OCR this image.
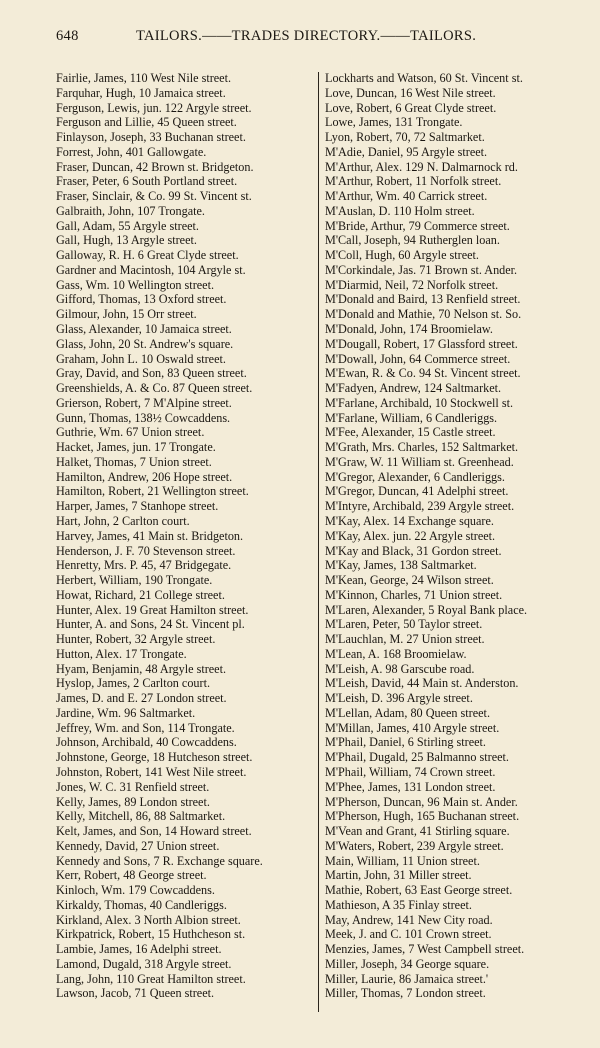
648	TAILORS.——TRADES DIRECTORY.——TAILORS.
Fairlie, James, 110 West Nile street.
Farquhar, Hugh, 10 Jamaica street.
Ferguson, Lewis, jun. 122 Argyle street.
Ferguson and Lillie, 45 Queen street.
Finlayson, Joseph, 33 Buchanan street.
Forrest, John, 401 Gallowgate.
Fraser, Duncan, 42 Brown st. Bridgeton.
Fraser, Peter, 6 South Portland street.
Fraser, Sinclair, & Co. 99 St. Vincent st.
Galbraith, John, 107 Trongate.
Gall, Adam, 55 Argyle street.
Gall, Hugh, 13 Argyle street.
Galloway, R. H. 6 Great Clyde street.
Gardner and Macintosh, 104 Argyle st.
Gass, Wm. 10 Wellington street.
Gifford, Thomas, 13 Oxford street.
Gilmour, John, 15 Orr street.
Glass, Alexander, 10 Jamaica street.
Glass, John, 20 St. Andrew's square.
Graham, John L. 10 Oswald street.
Gray, David, and Son, 83 Queen street.
Greenshields, A. & Co. 87 Queen street.
Grierson, Robert, 7 M'Alpine street.
Gunn, Thomas, 138½ Cowcaddens.
Guthrie, Wm. 67 Union street.
Hacket, James, jun. 17 Trongate.
Halket, Thomas, 7 Union street.
Hamilton, Andrew, 206 Hope street.
Hamilton, Robert, 21 Wellington street.
Harper, James, 7 Stanhope street.
Hart, John, 2 Carlton court.
Harvey, James, 41 Main st. Bridgeton.
Henderson, J. F. 70 Stevenson street.
Henretty, Mrs. P. 45, 47 Bridgegate.
Herbert, William, 190 Trongate.
Howat, Richard, 21 College street.
Hunter, Alex. 19 Great Hamilton street.
Hunter, A. and Sons, 24 St. Vincent pl.
Hunter, Robert, 32 Argyle street.
Hutton, Alex. 17 Trongate.
Hyam, Benjamin, 48 Argyle street.
Hyslop, James, 2 Carlton court.
James, D. and E. 27 London street.
Jardine, Wm. 96 Saltmarket.
Jeffrey, Wm. and Son, 114 Trongate.
Johnson, Archibald, 40 Cowcaddens.
Johnstone, George, 18 Hutcheson street.
Johnston, Robert, 141 West Nile street.
Jones, W. C. 31 Renfield street.
Kelly, James, 89 London street.
Kelly, Mitchell, 86, 88 Saltmarket.
Kelt, James, and Son, 14 Howard street.
Kennedy, David, 27 Union street.
Kennedy and Sons, 7 R. Exchange square.
Kerr, Robert, 48 George street.
Kinloch, Wm. 179 Cowcaddens.
Kirkaldy, Thomas, 40 Candleriggs.
Kirkland, Alex. 3 North Albion street.
Kirkpatrick, Robert, 15 Huthcheson st.
Lambie, James, 16 Adelphi street.
Lamond, Dugald, 318 Argyle street.
Lang, John, 110 Great Hamilton street.
Lawson, Jacob, 71 Queen street.
Lockharts and Watson, 60 St. Vincent st.
Love, Duncan, 16 West Nile street.
Love, Robert, 6 Great Clyde street.
Lowe, James, 131 Trongate.
Lyon, Robert, 70, 72 Saltmarket.
M'Adie, Daniel, 95 Argyle street.
M'Arthur, Alex. 129 N. Dalmarnock rd.
M'Arthur, Robert, 11 Norfolk street.
M'Arthur, Wm. 40 Carrick street.
M'Auslan, D. 110 Holm street.
M'Bride, Arthur, 79 Commerce street.
M'Call, Joseph, 94 Rutherglen loan.
M'Coll, Hugh, 60 Argyle street.
M'Corkindale, Jas. 71 Brown st. Ander.
M'Diarmid, Neil, 72 Norfolk street.
M'Donald and Baird, 13 Renfield street.
M'Donald and Mathie, 70 Nelson st. So.
M'Donald, John, 174 Broomielaw.
M'Dougall, Robert, 17 Glassford street.
M'Dowall, John, 64 Commerce street.
M'Ewan, R. & Co. 94 St. Vincent street.
M'Fadyen, Andrew, 124 Saltmarket.
M'Farlane, Archibald, 10 Stockwell st.
M'Farlane, William, 6 Candleriggs.
M'Fee, Alexander, 15 Castle street.
M'Grath, Mrs. Charles, 152 Saltmarket.
M'Graw, W. 11 William st. Greenhead.
M'Gregor, Alexander, 6 Candleriggs.
M'Gregor, Duncan, 41 Adelphi street.
M'Intyre, Archibald, 239 Argyle street.
M'Kay, Alex. 14 Exchange square.
M'Kay, Alex. jun. 22 Argyle street.
M'Kay and Black, 31 Gordon street.
M'Kay, James, 138 Saltmarket.
M'Kean, George, 24 Wilson street.
M'Kinnon, Charles, 71 Union street.
M'Laren, Alexander, 5 Royal Bank place.
M'Laren, Peter, 50 Taylor street.
M'Lauchlan, M. 27 Union street.
M'Lean, A. 168 Broomielaw.
M'Leish, A. 98 Garscube road.
M'Leish, David, 44 Main st. Anderston.
M'Leish, D. 396 Argyle street.
M'Lellan, Adam, 80 Queen street.
M'Millan, James, 410 Argyle street.
M'Phail, Daniel, 6 Stirling street.
M'Phail, Dugald, 25 Balmanno street.
M'Phail, William, 74 Crown street.
M'Phee, James, 131 London street.
M'Pherson, Duncan, 96 Main st. Ander.
M'Pherson, Hugh, 165 Buchanan street.
M'Vean and Grant, 41 Stirling square.
M'Waters, Robert, 239 Argyle street.
Main, William, 11 Union street.
Martin, John, 31 Miller street.
Mathie, Robert, 63 East George street.
Mathieson, A 35 Finlay street.
May, Andrew, 141 New City road.
Meek, J. and C. 101 Crown street.
Menzies, James, 7 West Campbell street.
Miller, Joseph, 34 George square.
Miller, Laurie, 86 Jamaica street.'
Miller, Thomas, 7 London street.
